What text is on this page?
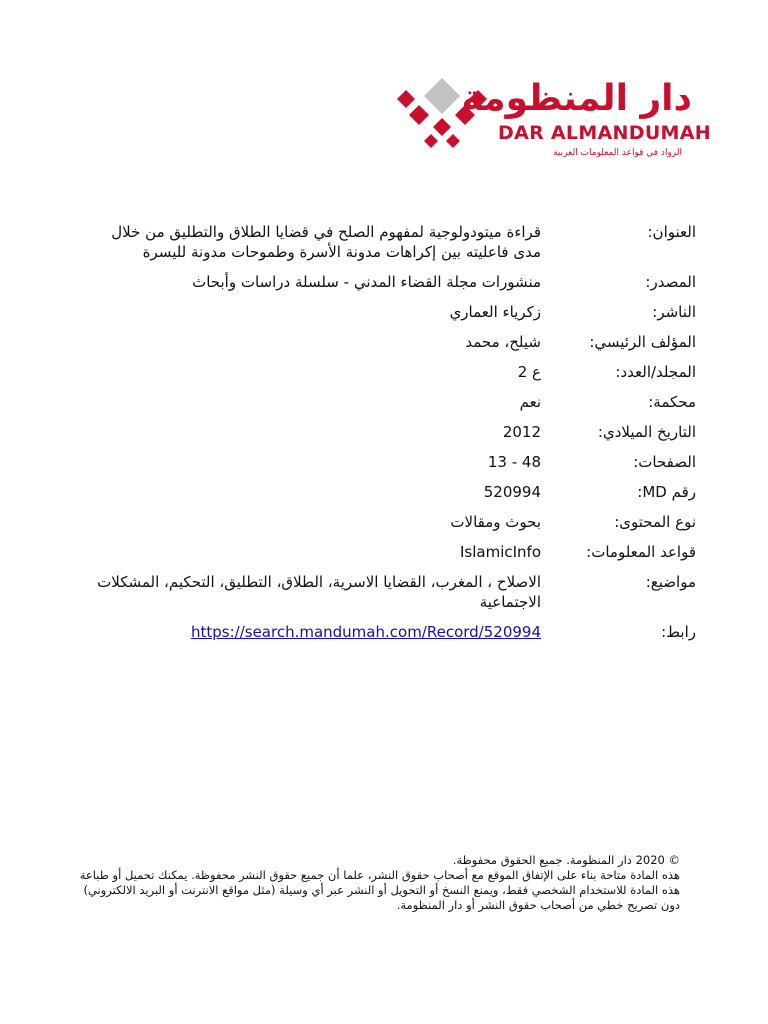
دار المنظومة
DAR ALMANDUMAH
الرواد في قواعد المعلومات العربية
العنوان:
قراءة ميتودولوجية لمفهوم الصلح في قضايا الطلاق والتطليق من خلال مدى فاعليته بين إكراهات مدونة الأسرة وطموحات مدونة لليسرة
المصدر:
منشورات مجلة القضاء المدني - سلسلة دراسات وأبحاث
الناشر:
زكرياء العماري
المؤلف الرئيسي:
شيلح، محمد
المجلد/العدد:
ع 2
محكمة:
نعم
التاريخ الميلادي:
2012
الصفحات:
13 - 48
رقم MD:
520994
نوع المحتوى:
بحوث ومقالات
قواعد المعلومات:
IslamicInfo
مواضيع:
الاصلاح ، المغرب، القضايا الاسرية، الطلاق، التطليق، التحكيم، المشكلات الاجتماعية
رابط:
https://search.mandumah.com/Record/520994
© 2020 دار المنظومة. جميع الحقوق محفوظة.
هذه المادة متاحة بناء على الإتفاق الموقع مع أصحاب حقوق النشر، علما أن جميع حقوق النشر محفوظة. يمكنك تحميل أو طباعة هذه المادة للاستخدام الشخصي فقط، ويمنع النسخ أو التحويل أو النشر عبر أي وسيلة (مثل مواقع الانترنت أو البريد الالكتروني) دون تصريح خطي من أصحاب حقوق النشر أو دار المنظومة.
